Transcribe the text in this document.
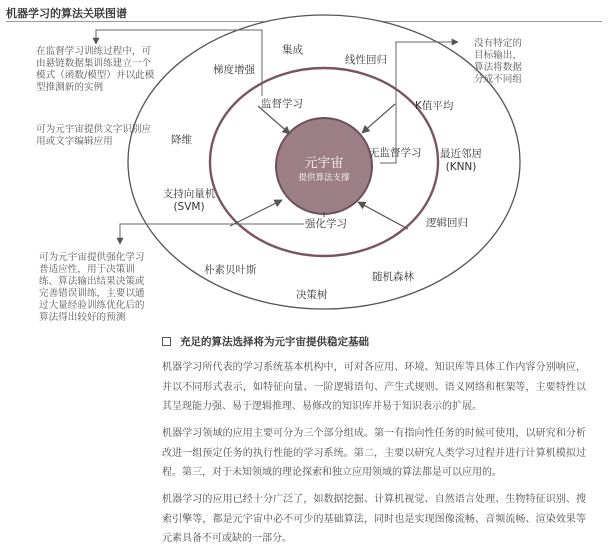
机器学习的算法关联图谱
元宇宙
提供算法支撑
监督学习
无监督学习
强化学习
集成
线性回归
梯度增强
K值平均
降维
最近邻居
(KNN)
支持向量机
(SVM)
逻辑回归
朴素贝叶斯
随机森林
决策树
在监督学习训练过程中，可由悬链数据集训练建立一个模式（函数/模型）并以此模型推测新的实例
可为元宇宙提供文字识别应用或文字编辑应用
没有特定的目标输出，算法将数据分成不同组
可为元宇宙提供强化学习普适应性，用于决策训练、算法输出结果决策或完善错误训练，主要以通过大量经验训练优化后的算法得出较好的预测
充足的算法选择将为元宇宙提供稳定基础

机器学习所代表的学习系统基本机构中，可对各应用、环境、知识库等具体工作内容分别响应，并以不同形式表示，如特征向量、一阶逻辑语句、产生式规则、语义网络和框架等，主要特性以其呈现能力强、易于逻辑推理、易修改的知识库并易于知识表示的扩展。

机器学习领域的应用主要可分为三个部分组成。第一有指向性任务的时候可使用，以研究和分析改进一组预定任务的执行性能的学习系统。第二，主要以研究人类学习过程并进行计算机模拟过程。第三，对于未知领域的理论探索和独立应用领域的算法都是可以应用的。

机器学习的应用已经十分广泛了，如数据挖掘、计算机视觉、自然语言处理、生物特征识别、搜索引擎等，都是元宇宙中必不可少的基础算法，同时也是实现图像流畅、音频流畅、渲染效果等元素具备不可或缺的一部分。
